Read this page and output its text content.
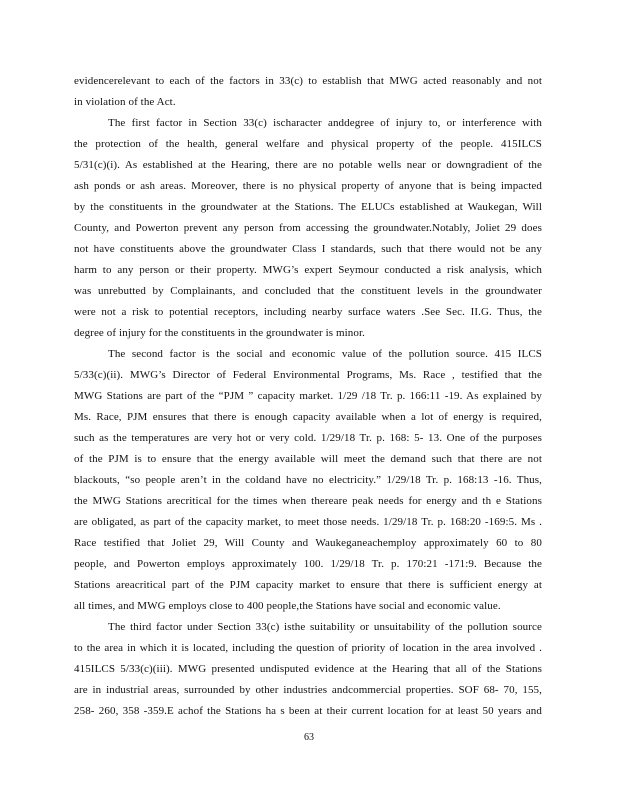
evidencerelevant to each of the factors in 33(c) to establish that MWG acted reasonably and not
in violation of the Act.
The first factor in Section 33(c) ischaracter anddegree of injury to, or interference with
the protection of the health, general welfare and physical property of the people. 415ILCS
5/31(c)(i). As established at the Hearing, there are no potable wells near or downgradient of the
ash ponds or ash areas. Moreover, there is no physical property of anyone that is being impacted
by the constituents in the groundwater at the Stations. The ELUCs established at Waukegan, Will
County, and Powerton prevent any person from accessing the groundwater.Notably, Joliet 29 does
not have constituents above the groundwater Class I standards, such that there would not be any
harm to any person or their property. MWG’s expert Seymour conducted a risk analysis, which
was unrebutted by Complainants, and concluded that the constituent levels in the groundwater
were not a risk to potential receptors, including nearby surface waters .See Sec. II.G. Thus, the
degree of injury for the constituents in the groundwater is minor.
The second factor is the social and economic value of the pollution source. 415 ILCS
5/33(c)(ii). MWG’s Director of Federal Environmental Programs, Ms. Race , testified that the
MWG Stations are part of the “PJM ” capacity market. 1/29 /18 Tr. p. 166:11 -19. As explained by
Ms. Race, PJM ensures that there is enough capacity available when a lot of energy is required,
such as the temperatures are very hot or very cold. 1/29/18 Tr. p. 168: 5- 13. One of the purposes
of the PJM is to ensure that the energy available will meet the demand such that there are not
blackouts, “so people aren’t in the coldand have no electricity.” 1/29/18 Tr. p. 168:13 -16. Thus,
the MWG Stations arecritical for the times when thereare peak needs for energy and th e Stations
are obligated, as part of the capacity market, to meet those needs. 1/29/18 Tr. p. 168:20 -169:5. Ms .
Race testified that Joliet 29, Will County and Waukeganeachemploy approximately 60 to 80
people, and Powerton employs approximately 100. 1/29/18 Tr. p. 170:21 -171:9. Because the
Stations areacritical part of the PJM capacity market to ensure that there is sufficient energy at
all times, and MWG employs close to 400 people,the Stations have social and economic value.
The third factor under Section 33(c) isthe suitability or unsuitability of the pollution source
to the area in which it is located, including the question of priority of location in the area involved .
415ILCS 5/33(c)(iii). MWG presented undisputed evidence at the Hearing that all of the Stations
are in industrial areas, surrounded by other industries andcommercial properties. SOF 68- 70, 155,
258- 260, 358 -359.E achof the Stations ha s been at their current location for at least 50 years and
63
